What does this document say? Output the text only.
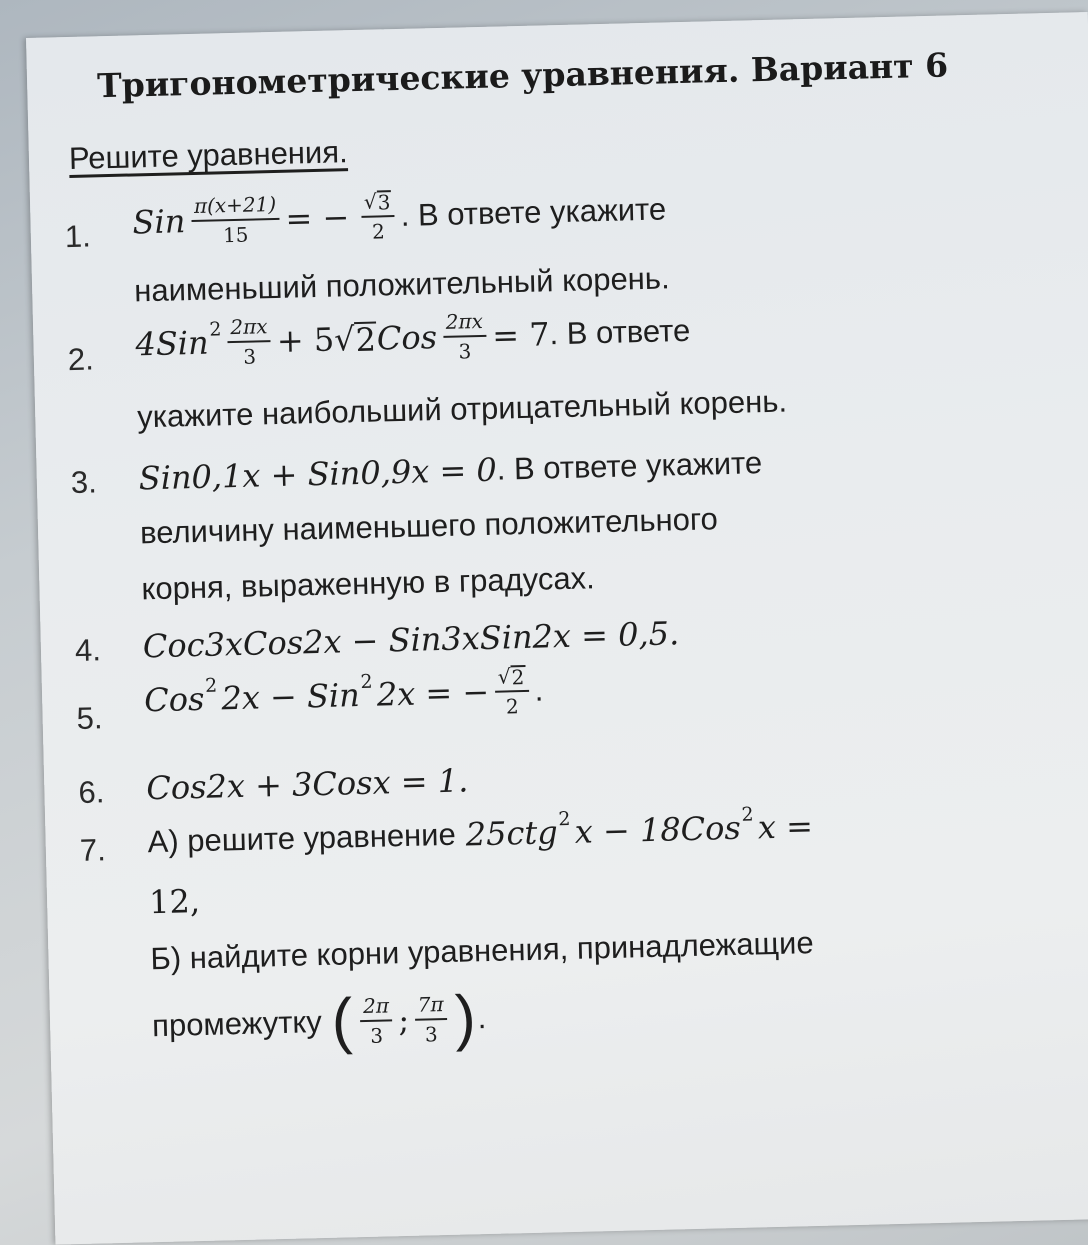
Тригонометрические уравнения. Вариант 6
Решите уравнения.
1.	Sin $\frac{\pi(x+21)}{15}$ = − $\frac{√ 3}{2}$ . В ответе укажите
наименьший положительный корень.
2.	4Sin $2 \frac{2\pi x}{3} + 5$ √ 2 Cos $\frac{2\pi x}{3} = 7$ . В ответе
укажите наибольший отрицательный корень.
3.	Sin0,1x + Sin0,9x = 0 . В ответе укажите
величину наименьшего положительного
корня, выраженную в градусах.
4.	Coc3xCos2x − Sin3xSin2x = 0,5.
5.	Cos 2 2x − Sin 2 2x = − $\frac{√ 2}{2}$ .
6.	Cos2x + 3Cosx = 1.
7.	А) решите уравнение 25ctg 2 x − 18Cos 2 x =
12,
Б) найдите корни уравнения, принадлежащие
промежутку ( $\frac{2\pi}{3}$ ; $\frac{7\pi}{3}$ ) .
